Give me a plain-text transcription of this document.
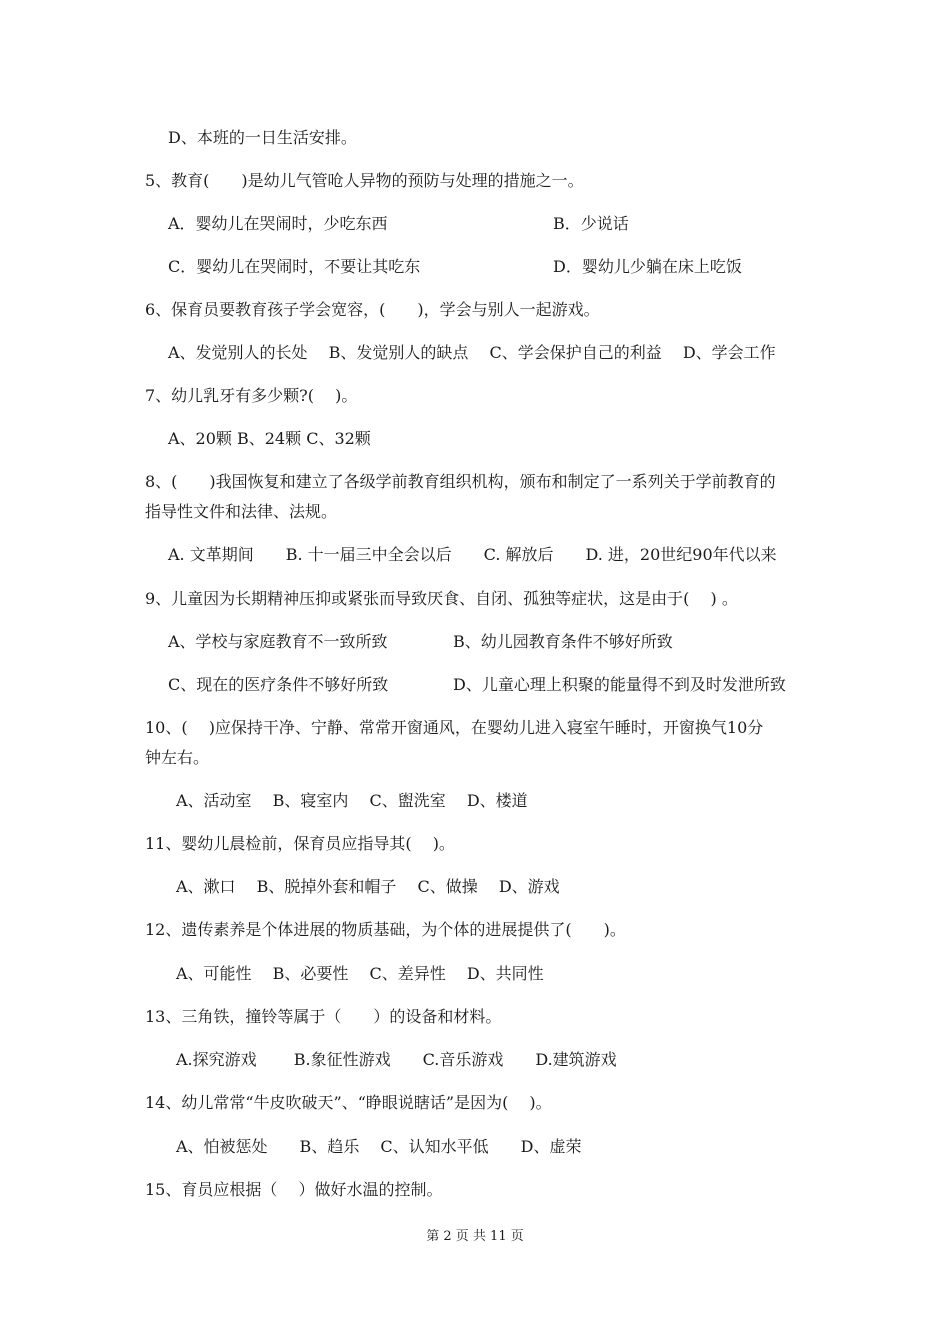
D、本班的一日生活安排。
5、教育(　　)是幼儿气管呛人异物的预防与处理的措施之一。
A．婴幼儿在哭闹时，少吃东西	B．少说话
C．婴幼儿在哭闹时，不要让其吃东	D．婴幼儿少躺在床上吃饭
6、保育员要教育孩子学会宽容，(　　)，学会与别人一起游戏。
A、发觉别人的长处　 B、发觉别人的缺点　 C、学会保护自己的利益　 D、学会工作
7、幼儿乳牙有多少颗?(　 )。
A、20颗 B、24颗 C、32颗
8、(　　)我国恢复和建立了各级学前教育组织机构，颁布和制定了一系列关于学前教育的
指导性文件和法律、法规。
A. 文革期间　　B. 十一届三中全会以后　　C. 解放后　　D. 进，20世纪90年代以来
9、儿童因为长期精神压抑或紧张而导致厌食、自闭、孤独等症状，这是由于(　 ) 。
A、学校与家庭教育不一致所致	B、幼儿园教育条件不够好所致
C、现在的医疗条件不够好所致	D、儿童心理上积聚的能量得不到及时发泄所致
10、(　 )应保持干净、宁静、常常开窗通风，在婴幼儿进入寝室午睡时，开窗换气10分
钟左右。
A、活动室　 B、寝室内　 C、盥洗室　 D、楼道
11、婴幼儿晨检前，保育员应指导其(　 )。
A、漱口　 B、脱掉外套和帽子　 C、做操　 D、游戏
12、遗传素养是个体进展的物质基础，为个体的进展提供了(　　)。
A、可能性　 B、必要性　 C、差异性　 D、共同性
13、三角铁，撞铃等属于（　　）的设备和材料。
A.探究游戏　　 B.象征性游戏　　C.音乐游戏　　D.建筑游戏
14、幼儿常常“牛皮吹破天”、“睁眼说瞎话”是因为(　 )。
A、怕被惩处　　B、趋乐　 C、认知水平低　　D、虚荣
15、育员应根据（　 ）做好水温的控制。
第 2 页 共 11 页
